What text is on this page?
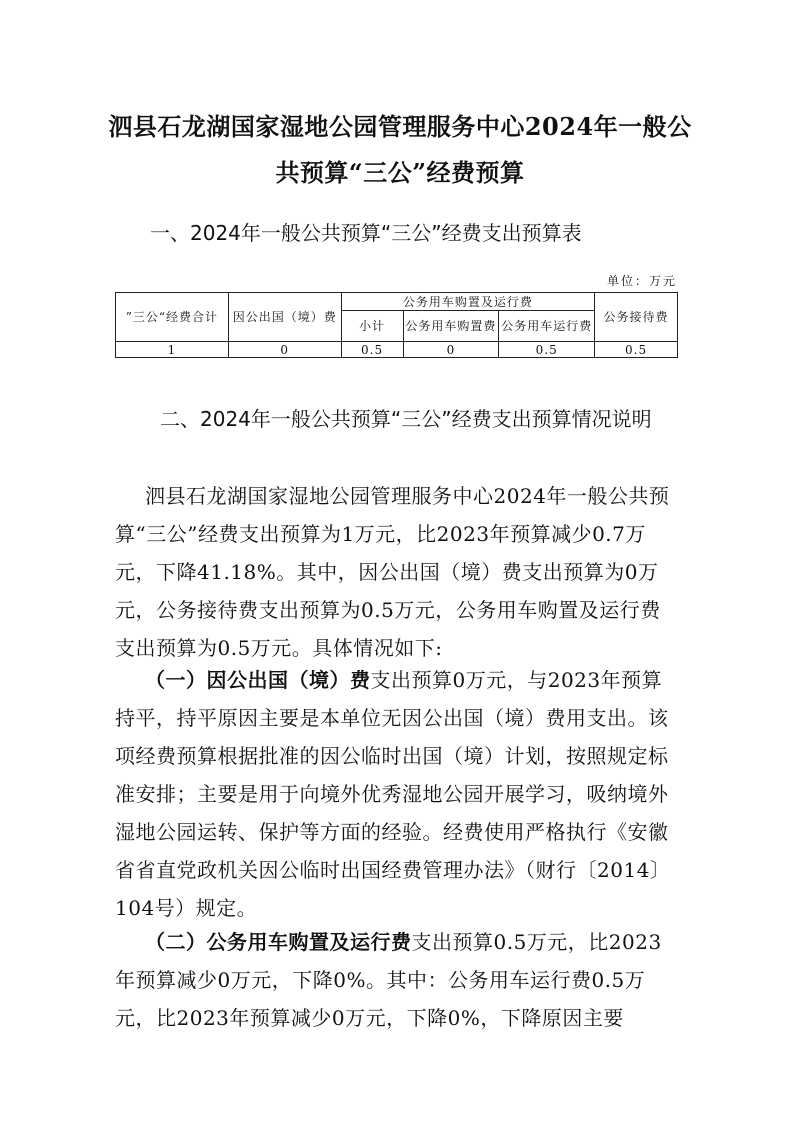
泗县石龙湖国家湿地公园管理服务中心2024年一般公
共预算“三公”经费预算
一、2024年一般公共预算“三公”经费支出预算表
单位：万元
”三公“经费合计	因公出国（境）费	公务用车购置及运行费			公务接待费
		小计	公务用车购置费	公务用车运行费	
1	0	0.5	0	0.5	0.5
二、2024年一般公共预算“三公”经费支出预算情况说明
泗县石龙湖国家湿地公园管理服务中心2024年一般公共预算“三公”经费支出预算为1万元，比2023年预算减少0.7万元，下降41.18%。其中，因公出国（境）费支出预算为0万元，公务接待费支出预算为0.5万元，公务用车购置及运行费支出预算为0.5万元。具体情况如下:
（一）因公出国（境）费支出预算0万元，与2023年预算持平，持平原因主要是本单位无因公出国（境）费用支出。该项经费预算根据批准的因公临时出国（境）计划，按照规定标准安排；主要是用于向境外优秀湿地公园开展学习，吸纳境外湿地公园运转、保护等方面的经验。经费使用严格执行《安徽省省直党政机关因公临时出国经费管理办法》（财行〔2014〕104号）规定。
（二）公务用车购置及运行费支出预算0.5万元，比2023年预算减少0万元，下降0%。其中：公务用车运行费0.5万元，比2023年预算减少0万元，下降0%，下降原因主要
